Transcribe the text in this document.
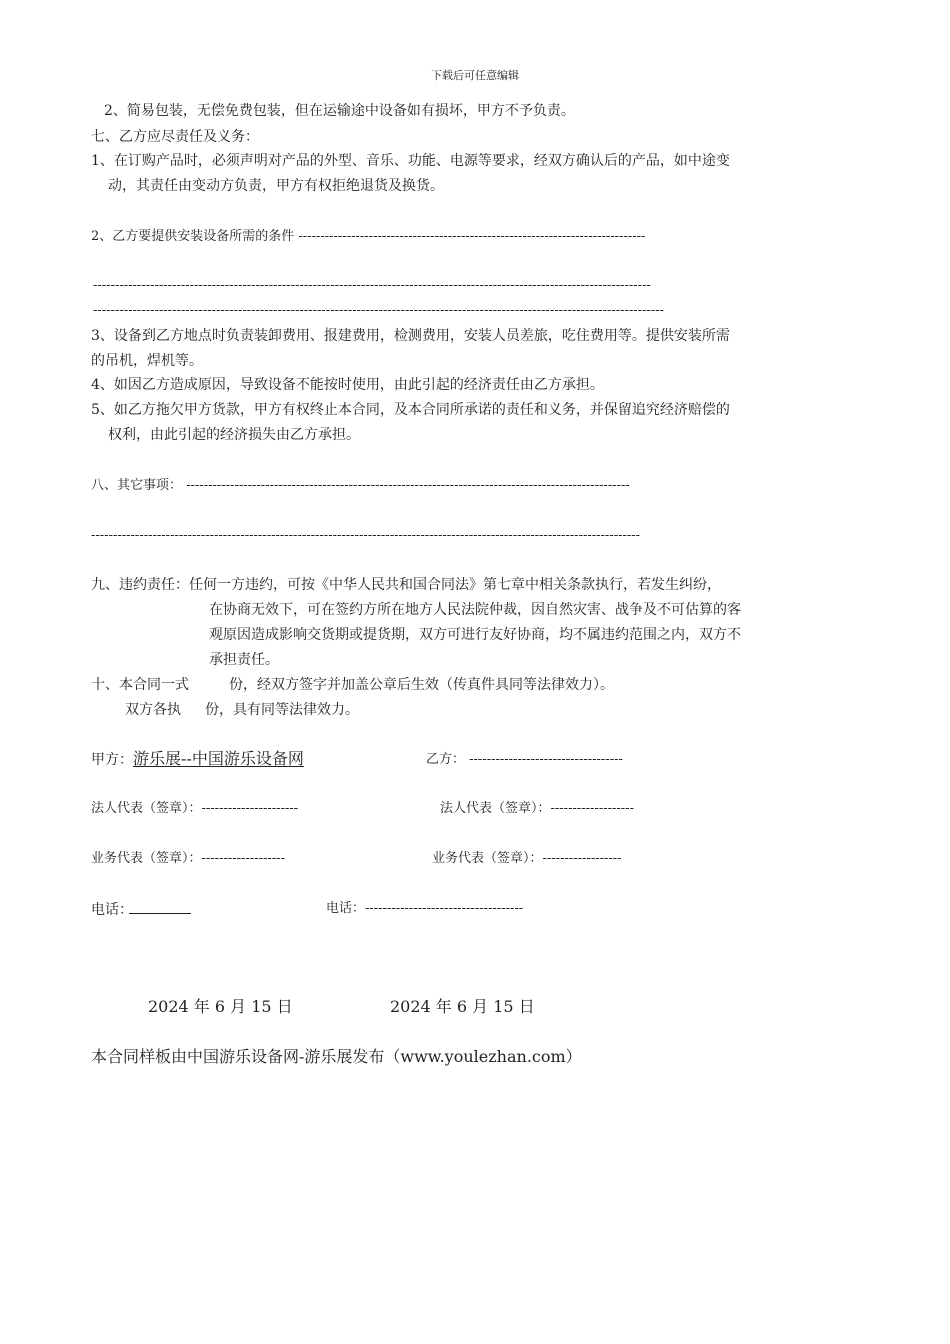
下载后可任意编辑
2、简易包装，无偿免费包装，但在运输途中设备如有损坏，甲方不予负责。
七、乙方应尽责任及义务：
1、在订购产品时，必须声明对产品的外型、音乐、功能、电源等要求，经双方确认后的产品，如中途变
动，其责任由变动方负责，甲方有权拒绝退货及换货。
2、乙方要提供安装设备所需的条件 -------------------------------------------------------------------------------
-------------------------------------------------------------------------------------------------------------------------------
----------------------------------------------------------------------------------------------------------------------------------
3、设备到乙方地点时负责装卸费用、报建费用，检测费用，安装人员差旅，吃住费用等。提供安装所需
的吊机，焊机等。
4、如因乙方造成原因，导致设备不能按时使用，由此引起的经济责任由乙方承担。
5、如乙方拖欠甲方货款，甲方有权终止本合同，及本合同所承诺的责任和义务，并保留追究经济赔偿的
权利，由此引起的经济损失由乙方承担。
八、其它事项： -----------------------------------------------------------------------------------------------------
-----------------------------------------------------------------------------------------------------------------------------
九、违约责任：任何一方违约，可按《中华人民共和国合同法》第七章中相关条款执行，若发生纠纷，
在协商无效下，可在签约方所在地方人民法院仲裁，因自然灾害、战争及不可估算的客
观原因造成影响交货期或提货期，双方可进行友好协商，均不属违约范围之内，双方不
承担责任。
十、本合同一式	份，经双方签字并加盖公章后生效（传真件具同等法律效力）。
双方各执 份，具有同等法律效力。
甲方：游乐展--中国游乐设备网	乙方： -----------------------------------
法人代表（签章）：----------------------	法人代表（签章）：-------------------
业务代表（签章）：-------------------	业务代表（签章）：------------------
电话：	电话：------------------------------------
2024 年 6 月 15 日	2024 年 6 月 15 日
本合同样板由中国游乐设备网-游乐展发布（www.youlezhan.com）
